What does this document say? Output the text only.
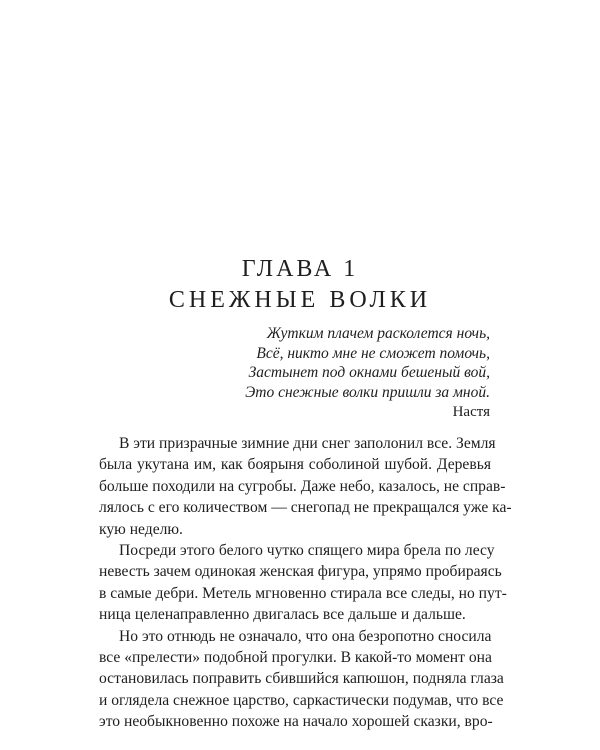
ГЛАВА 1
СНЕЖНЫЕ ВОЛКИ
Жутким плачем расколется ночь,
Всё, никто мне не сможет помочь,
Застынет под окнами бешеный вой,
Это снежные волки пришли за мной.
Настя
В эти призрачные зимние дни снег заполонил все. Земля
была укутана им, как боярыня соболиной шубой. Деревья
больше походили на сугробы. Даже небо, казалось, не справ-
лялось с его количеством — снегопад не прекращался уже ка-
кую неделю.
Посреди этого белого чутко спящего мира брела по лесу
невесть зачем одинокая женская фигура, упрямо пробираясь
в самые дебри. Метель мгновенно стирала все следы, но пут-
ница целенаправленно двигалась все дальше и дальше.
Но это отнюдь не означало, что она безропотно сносила
все «прелести» подобной прогулки. В какой-то момент она
остановилась поправить сбившийся капюшон, подняла глаза
и оглядела снежное царство, саркастически подумав, что все
это необыкновенно похоже на начало хорошей сказки, вро-
